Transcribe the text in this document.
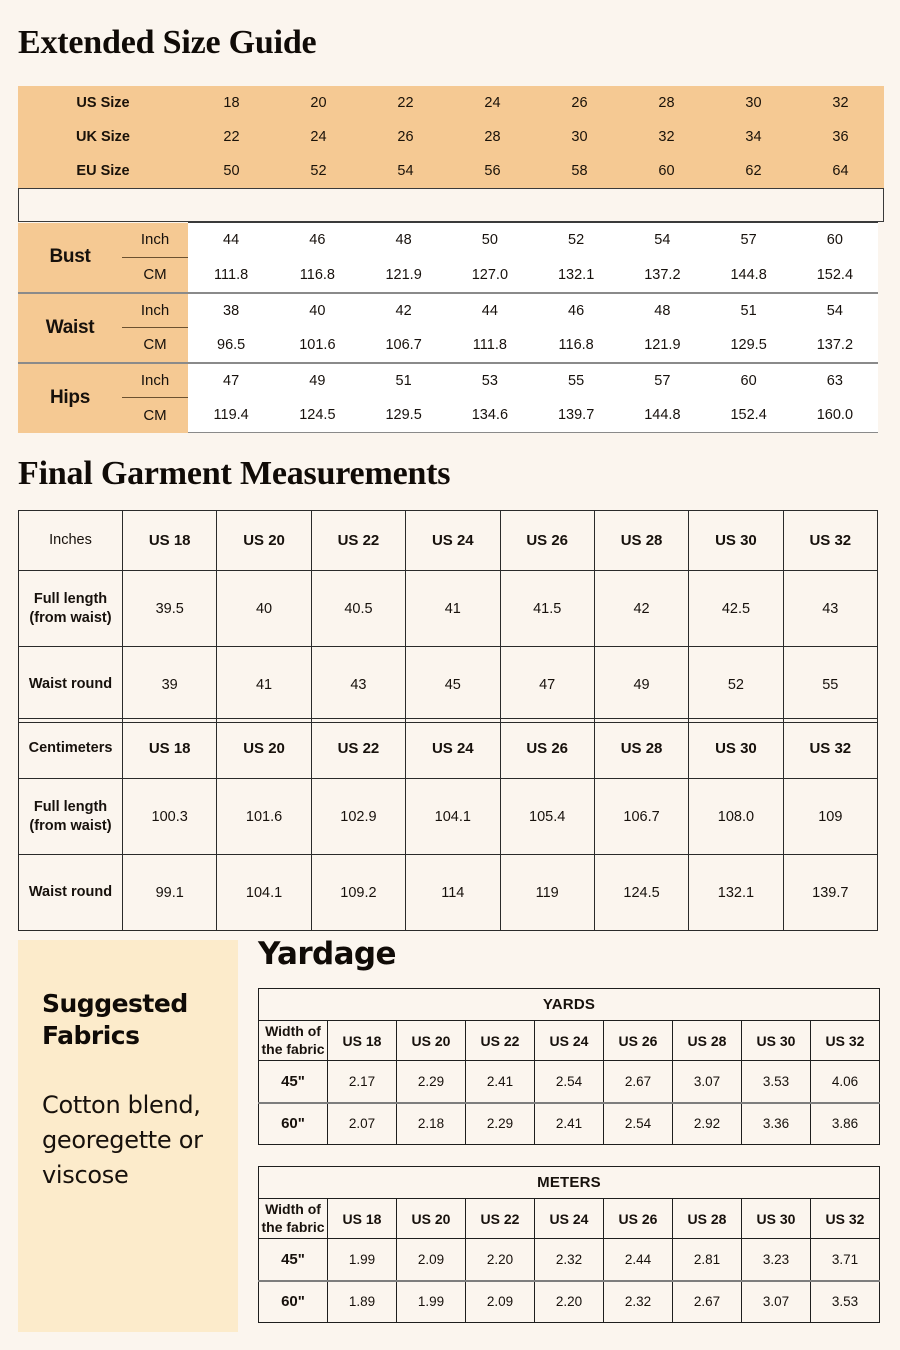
Extended Size Guide
Final Garment Measurements
Yardage
US Size	18	20	22	24	26	28	30	32
UK Size	22	24	26	28	30	32	34	36
EU Size	50	52	54	56	58	60	62	64
Bust	Inch	44	46	48	50	52	54	57	60
	CM	111.8	116.8	121.9	127.0	132.1	137.2	144.8	152.4
Waist	Inch	38	40	42	44	46	48	51	54
	CM	96.5	101.6	106.7	111.8	116.8	121.9	129.5	137.2
Hips	Inch	47	49	51	53	55	57	60	63
	CM	119.4	124.5	129.5	134.6	139.7	144.8	152.4	160.0
Inches	US 18	US 20	US 22	US 24	US 26	US 28	US 30	US 32
Full length
(from waist)	39.5	40	40.5	41	41.5	42	42.5	43
Waist round	39	41	43	45	47	49	52	55
Centimeters	US 18	US 20	US 22	US 24	US 26	US 28	US 30	US 32
Full length
(from waist)	100.3	101.6	102.9	104.1	105.4	106.7	108.0	109
Waist round	99.1	104.1	109.2	114	119	124.5	132.1	139.7
Suggested Fabrics
Cotton blend, georegette or viscose
YARDS								
Width of
the fabric	US 18	US 20	US 22	US 24	US 26	US 28	US 30	US 32
45"	2.17	2.29	2.41	2.54	2.67	3.07	3.53	4.06
60"	2.07	2.18	2.29	2.41	2.54	2.92	3.36	3.86
METERS								
Width of
the fabric	US 18	US 20	US 22	US 24	US 26	US 28	US 30	US 32
45"	1.99	2.09	2.20	2.32	2.44	2.81	3.23	3.71
60"	1.89	1.99	2.09	2.20	2.32	2.67	3.07	3.53
